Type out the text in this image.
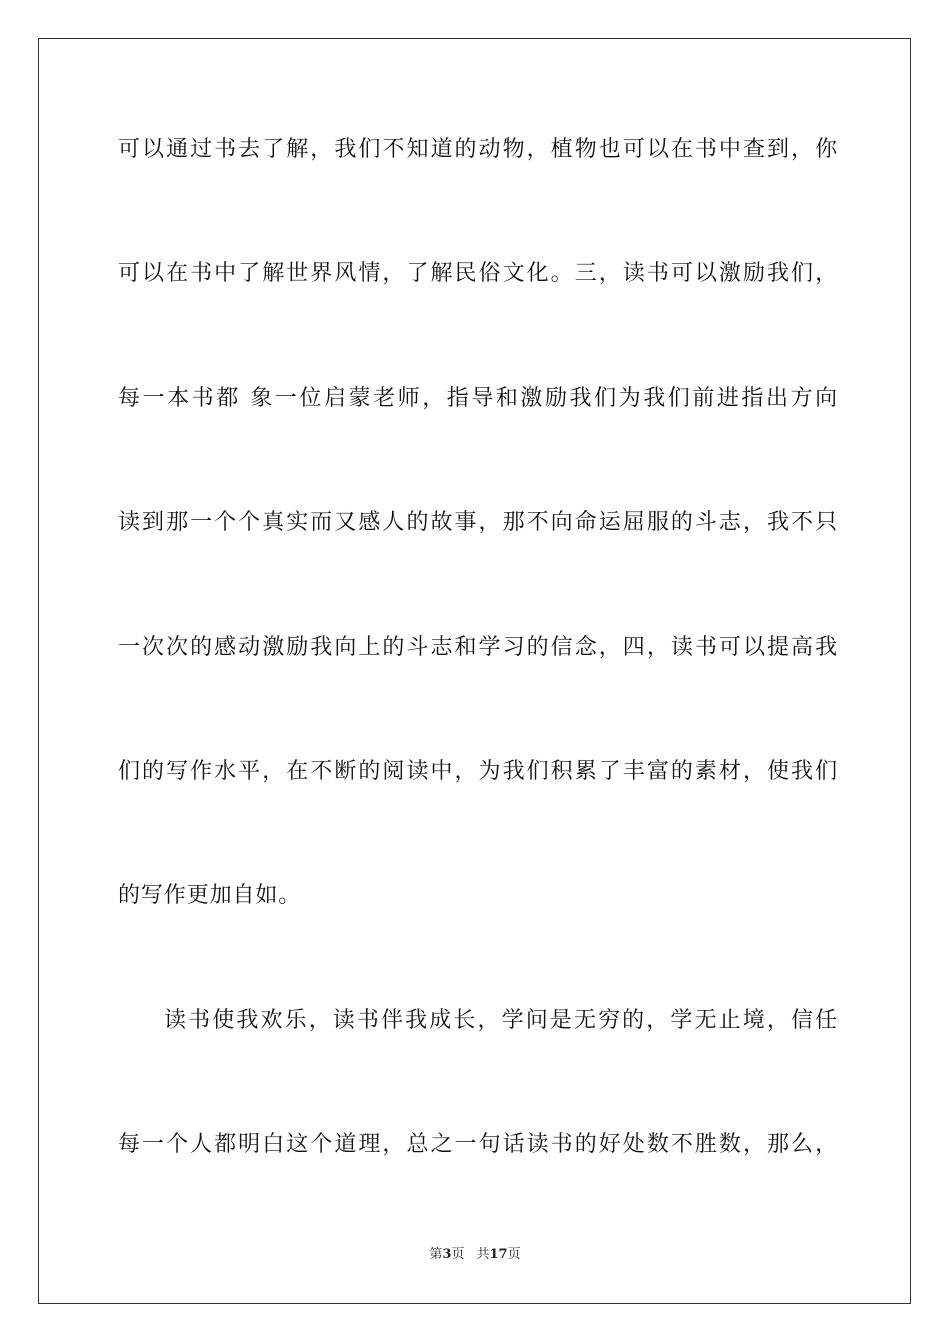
可以通过书去了解，我们不知道的动物，植物也可以在书中查到，你
可以在书中了解世界风情，了解民俗文化。三，读书可以激励我们，
每一本书都 象一位启蒙老师，指导和激励我们为我们前进指出方向
读到那一个个真实而又感人的故事，那不向命运屈服的斗志，我不只
一次次的感动激励我向上的斗志和学习的信念，四，读书可以提高我
们的写作水平，在不断的阅读中，为我们积累了丰富的素材，使我们
的写作更加自如。
读书使我欢乐，读书伴我成长，学问是无穷的，学无止境，信任
每一个人都明白这个道理，总之一句话读书的好处数不胜数，那么，
第3页 共17页
